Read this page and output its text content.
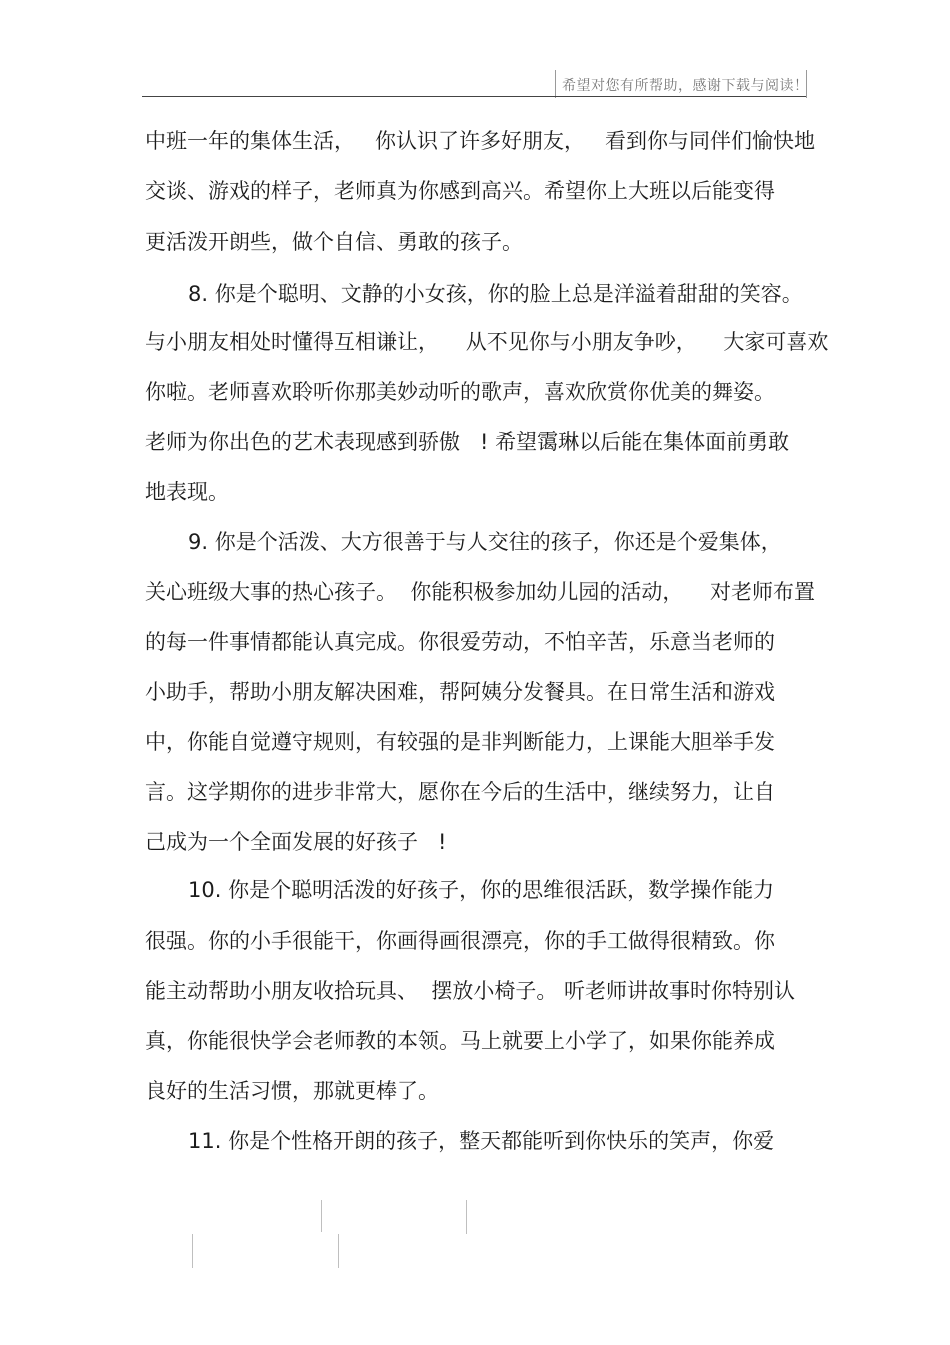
希望对您有所帮助，感谢下载与阅读！
中班一年的集体生活，   你认识了许多好朋友，   看到你与同伴们愉快地
交谈、游戏的样子，老师真为你感到高兴。希望你上大班以后能变得
更活泼开朗些，做个自信、勇敢的孩子。
8. 你是个聪明、文静的小女孩，你的脸上总是洋溢着甜甜的笑容。
与小朋友相处时懂得互相谦让，    从不见你与小朋友争吵，    大家可喜欢
你啦。老师喜欢聆听你那美妙动听的歌声，喜欢欣赏你优美的舞姿。
老师为你出色的艺术表现感到骄傲   ! 希望霭琳以后能在集体面前勇敢
地表现。
9. 你是个活泼、大方很善于与人交往的孩子，你还是个爱集体，
关心班级大事的热心孩子。  你能积极参加幼儿园的活动，    对老师布置
的每一件事情都能认真完成。你很爱劳动，不怕辛苦，乐意当老师的
小助手，帮助小朋友解决困难，帮阿姨分发餐具。在日常生活和游戏
中，你能自觉遵守规则，有较强的是非判断能力，上课能大胆举手发
言。这学期你的进步非常大，愿你在今后的生活中，继续努力，让自
己成为一个全面发展的好孩子   !
10. 你是个聪明活泼的好孩子，你的思维很活跃，数学操作能力
很强。你的小手很能干，你画得画很漂亮，你的手工做得很精致。你
能主动帮助小朋友收拾玩具、  摆放小椅子。 听老师讲故事时你特别认
真，你能很快学会老师教的本领。马上就要上小学了，如果你能养成
良好的生活习惯，那就更棒了。
11. 你是个性格开朗的孩子，整天都能听到你快乐的笑声，你爱
